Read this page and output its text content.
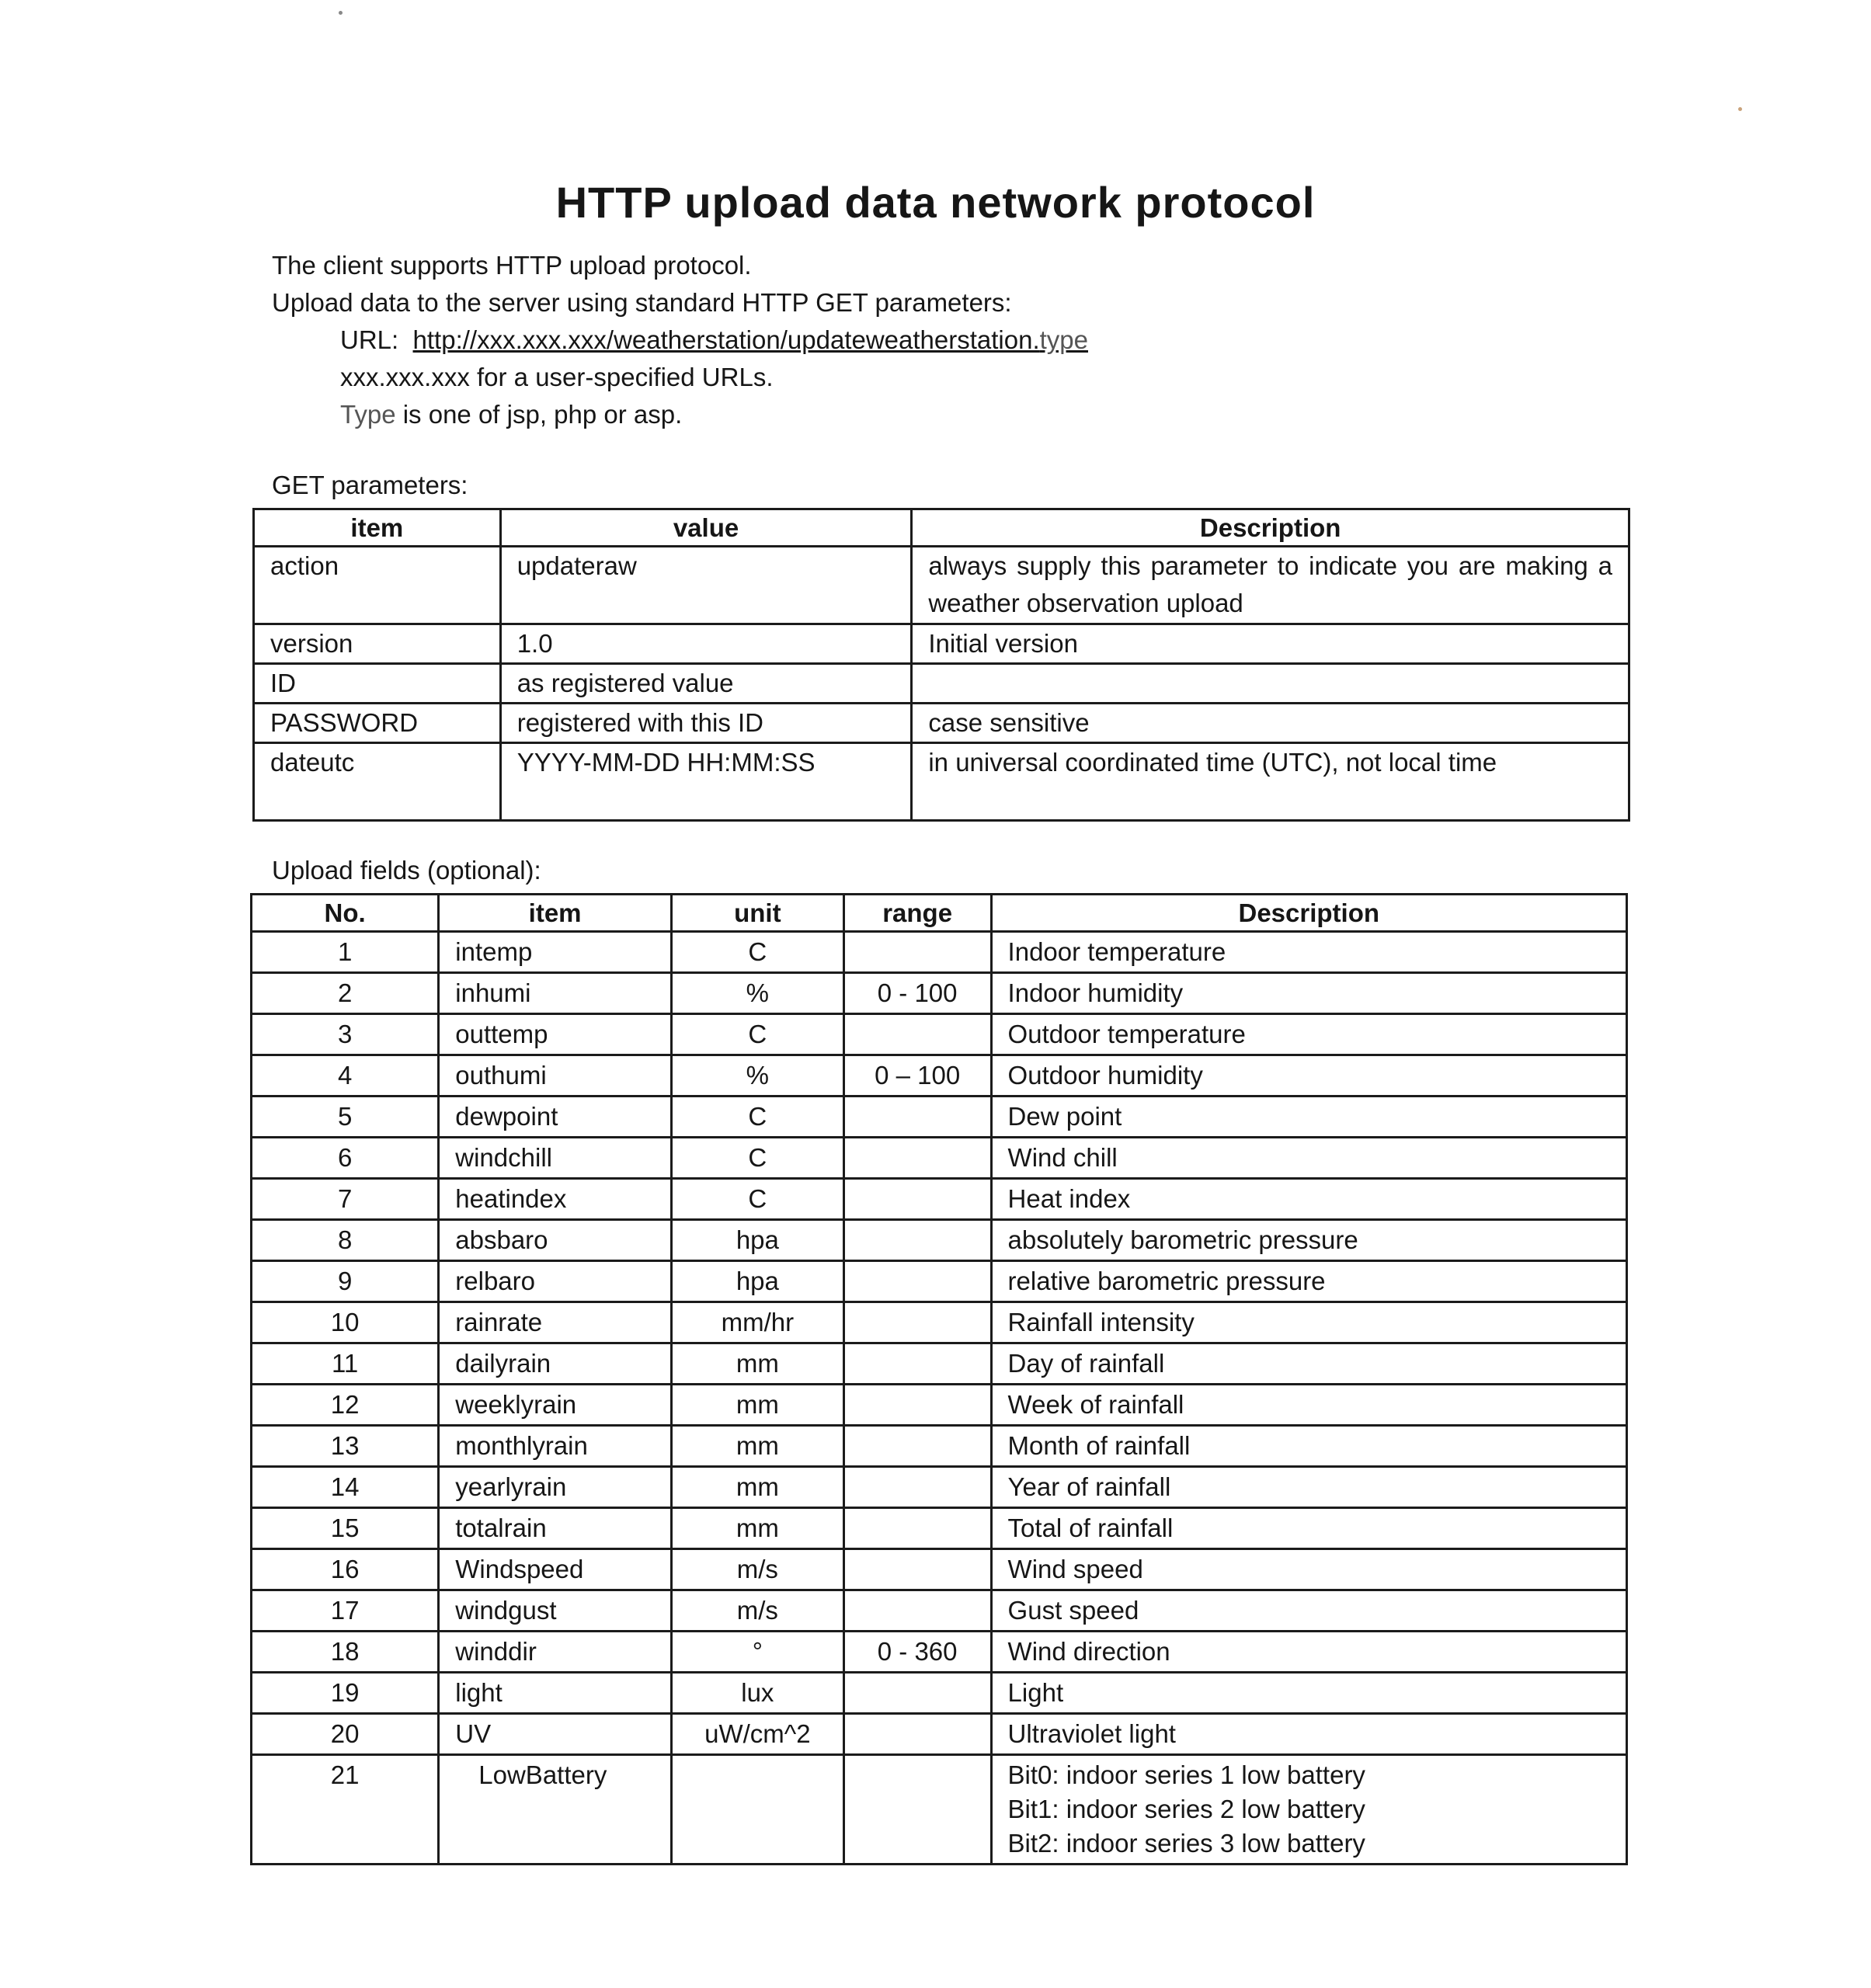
HTTP upload data network protocol
The client supports HTTP upload protocol.
Upload data to the server using standard HTTP GET parameters:
URL: http://xxx.xxx.xxx/weatherstation/updateweatherstation.type
xxx.xxx.xxx for a user-specified URLs.
Type is one of jsp, php or asp.
GET parameters:
item	value	Description
action	updateraw	always supply this parameter to indicate you are making a weather observation upload
version	1.0	Initial version
ID	as registered value	
PASSWORD	registered with this ID	case sensitive
dateutc	YYYY-MM-DD HH:MM:SS	in universal coordinated time (UTC), not local time
Upload fields (optional):
No.	item	unit	range	Description
1	intemp	C		Indoor temperature
2	inhumi	%	0 - 100	Indoor humidity
3	outtemp	C		Outdoor temperature
4	outhumi	%	0 – 100	Outdoor humidity
5	dewpoint	C		Dew point
6	windchill	C		Wind chill
7	heatindex	C		Heat index
8	absbaro	hpa		absolutely barometric pressure
9	relbaro	hpa		relative barometric pressure
10	rainrate	mm/hr		Rainfall intensity
11	dailyrain	mm		Day of rainfall
12	weeklyrain	mm		Week of rainfall
13	monthlyrain	mm		Month of rainfall
14	yearlyrain	mm		Year of rainfall
15	totalrain	mm		Total of rainfall
16	Windspeed	m/s		Wind speed
17	windgust	m/s		Gust speed
18	winddir	°	0 - 360	Wind direction
19	light	lux		Light
20	UV	uW/cm^2		Ultraviolet light
21	LowBattery			Bit0: indoor series 1 low battery
Bit1: indoor series 2 low battery
Bit2: indoor series 3 low battery
